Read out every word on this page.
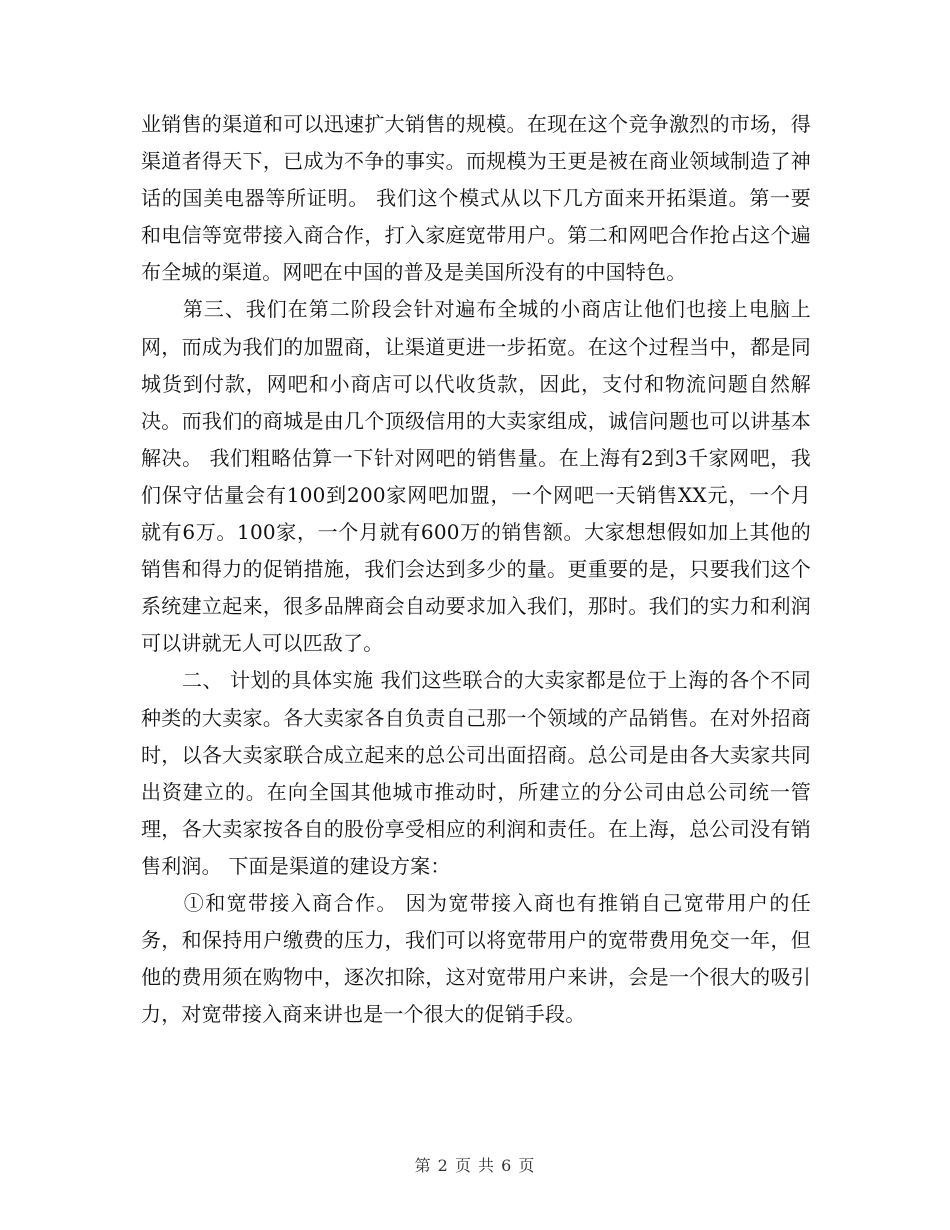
业销售的渠道和可以迅速扩大销售的规模。在现在这个竞争激烈的市场，得渠道者得天下，已成为不争的事实。而规模为王更是被在商业领域制造了神话的国美电器等所证明。 我们这个模式从以下几方面来开拓渠道。第一要和电信等宽带接入商合作，打入家庭宽带用户。第二和网吧合作抢占这个遍布全城的渠道。网吧在中国的普及是美国所没有的中国特色。

　　第三、我们在第二阶段会针对遍布全城的小商店让他们也接上电脑上网，而成为我们的加盟商，让渠道更进一步拓宽。在这个过程当中，都是同城货到付款，网吧和小商店可以代收货款，因此，支付和物流问题自然解决。而我们的商城是由几个顶级信用的大卖家组成，诚信问题也可以讲基本解决。 我们粗略估算一下针对网吧的销售量。在上海有2到3千家网吧，我们保守估量会有100到200家网吧加盟，一个网吧一天销售XX元，一个月就有6万。100家，一个月就有600万的销售额。大家想想假如加上其他的销售和得力的促销措施，我们会达到多少的量。更重要的是，只要我们这个系统建立起来，很多品牌商会自动要求加入我们，那时。我们的实力和利润可以讲就无人可以匹敌了。

　　二、 计划的具体实施 我们这些联合的大卖家都是位于上海的各个不同种类的大卖家。各大卖家各自负责自己那一个领域的产品销售。在对外招商时，以各大卖家联合成立起来的总公司出面招商。总公司是由各大卖家共同出资建立的。在向全国其他城市推动时，所建立的分公司由总公司统一管理，各大卖家按各自的股份享受相应的利润和责任。在上海，总公司没有销售利润。 下面是渠道的建设方案：

　　①和宽带接入商合作。 因为宽带接入商也有推销自己宽带用户的任务，和保持用户缴费的压力，我们可以将宽带用户的宽带费用免交一年，但他的费用须在购物中，逐次扣除，这对宽带用户来讲，会是一个很大的吸引力，对宽带接入商来讲也是一个很大的促销手段。

第 2 页 共 6 页
